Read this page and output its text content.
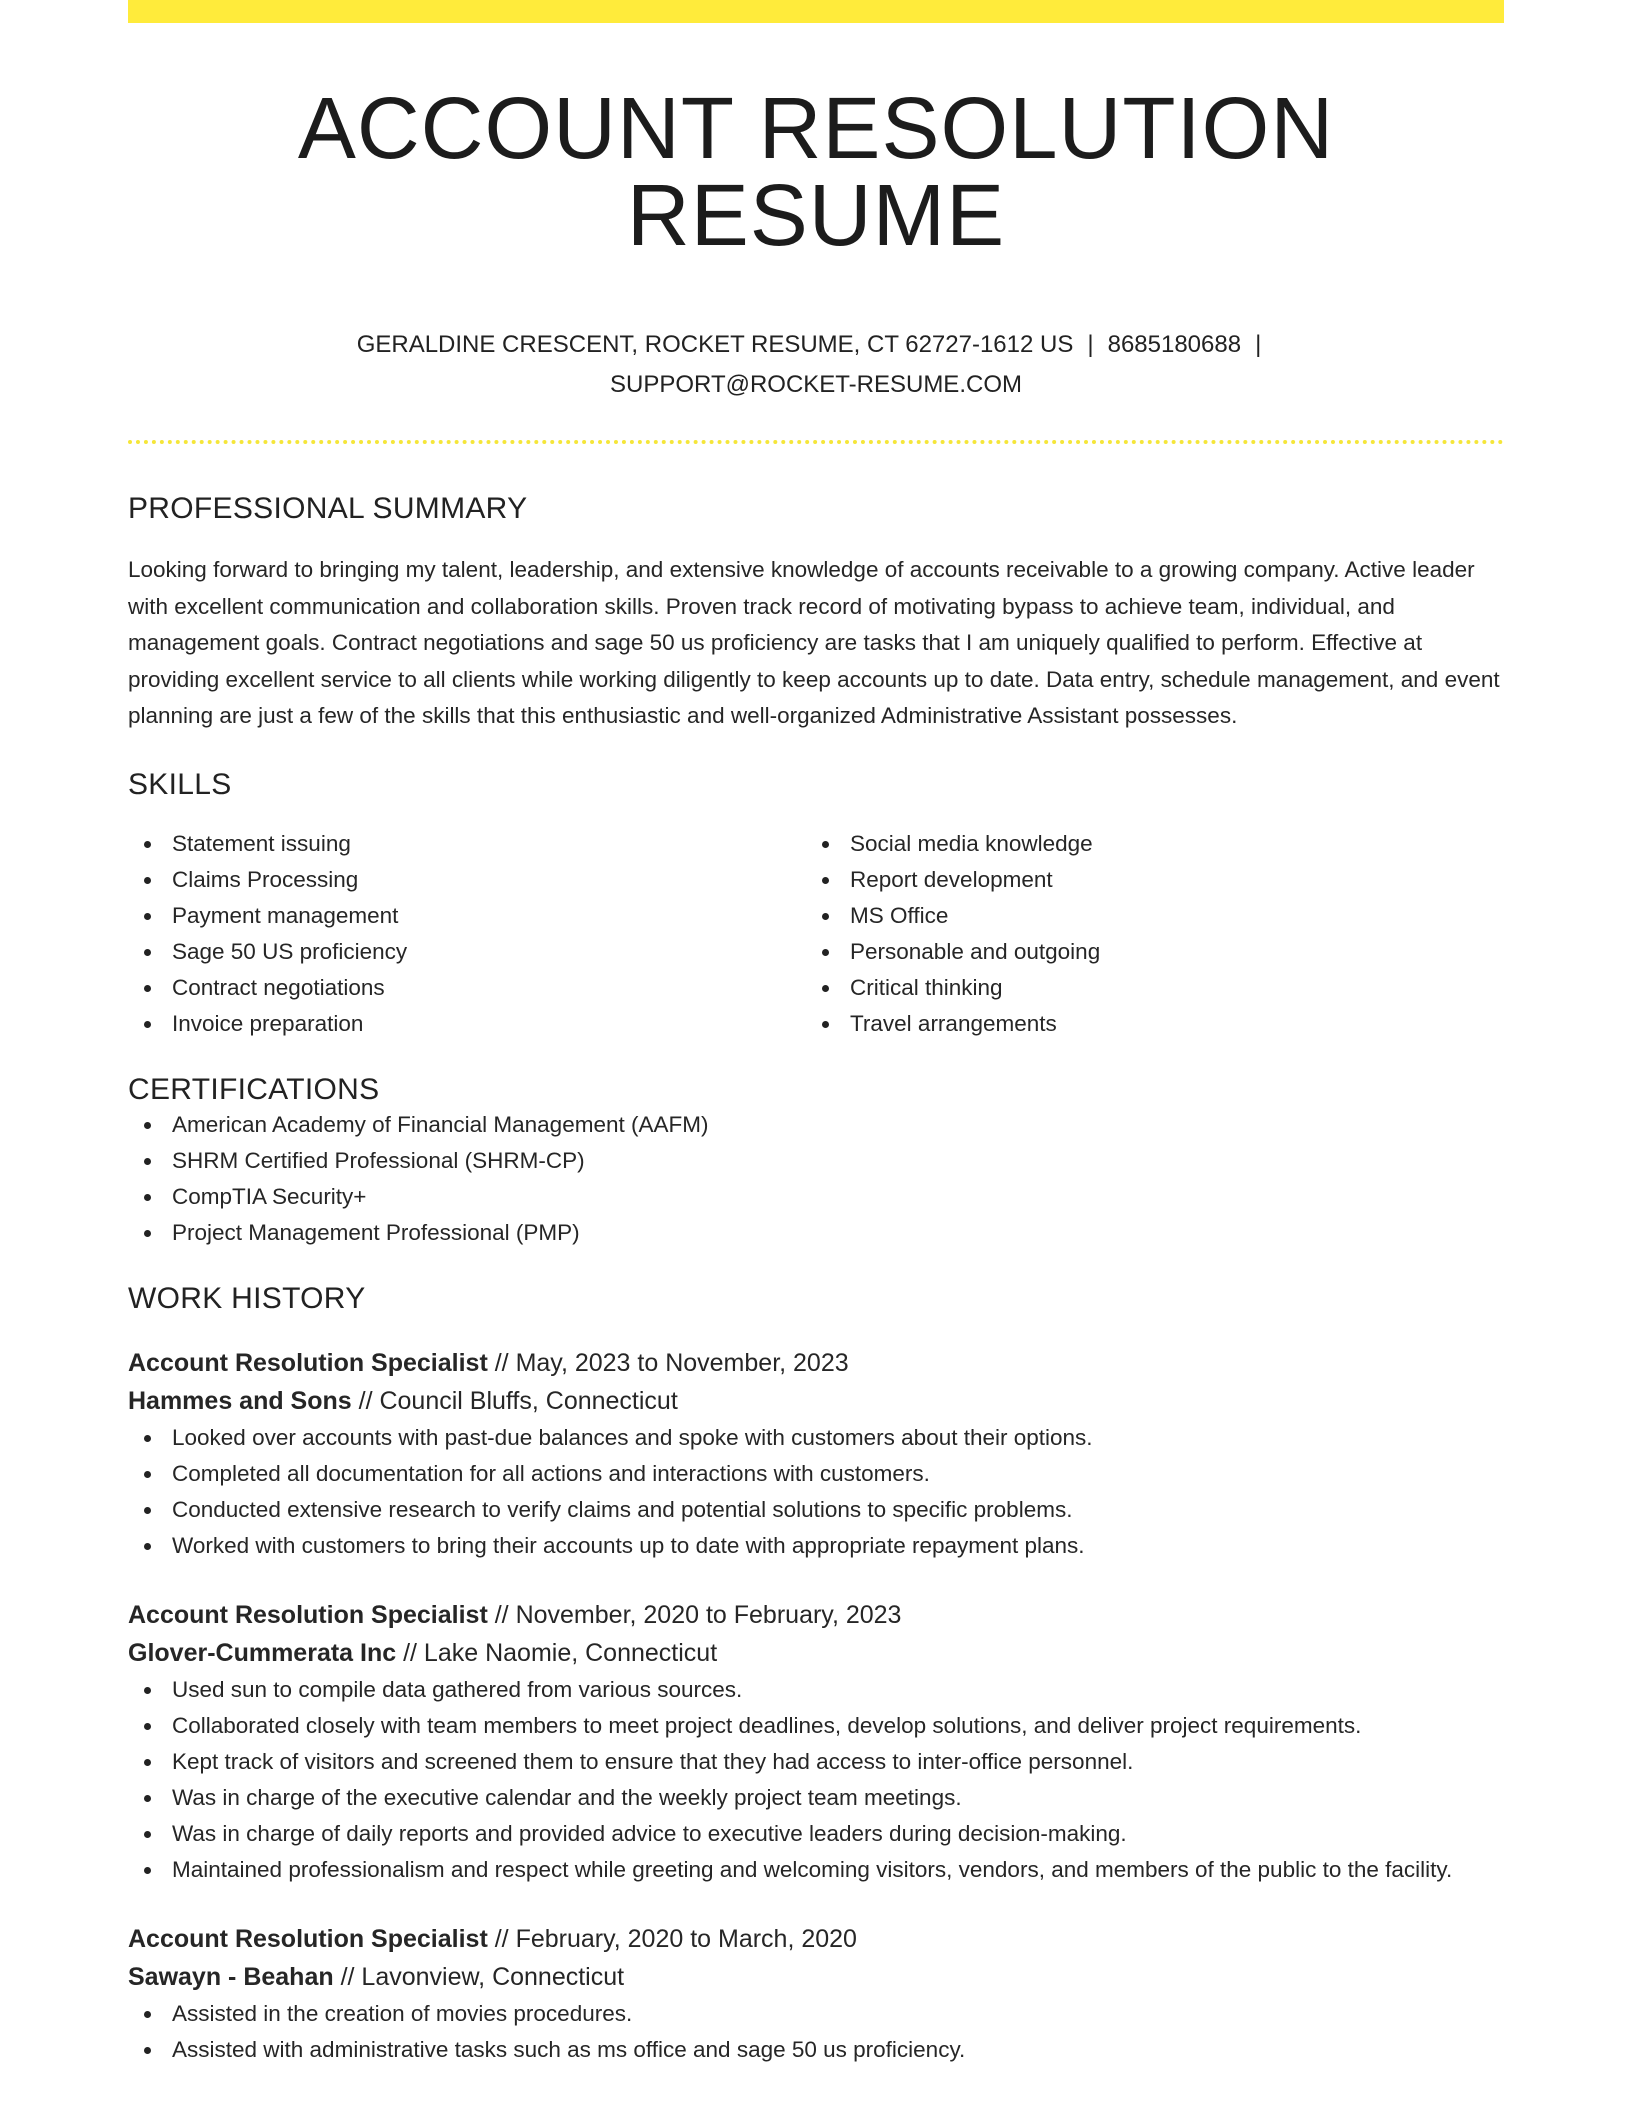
ACCOUNT RESOLUTION RESUME
GERALDINE CRESCENT, ROCKET RESUME, CT 62727-1612 US | 8685180688 |
SUPPORT@ROCKET-RESUME.COM
PROFESSIONAL SUMMARY

Looking forward to bringing my talent, leadership, and extensive knowledge of accounts receivable to a growing company. Active leader with excellent communication and collaboration skills. Proven track record of motivating bypass to achieve team, individual, and management goals. Contract negotiations and sage 50 us proficiency are tasks that I am uniquely qualified to perform. Effective at providing excellent service to all clients while working diligently to keep accounts up to date. Data entry, schedule management, and event planning are just a few of the skills that this enthusiastic and well-organized Administrative Assistant possesses.

SKILLS
Statement issuing
Claims Processing
Payment management
Sage 50 US proficiency
Contract negotiations
Invoice preparation
Social media knowledge
Report development
MS Office
Personable and outgoing
Critical thinking
Travel arrangements
CERTIFICATIONS
American Academy of Financial Management (AAFM)
SHRM Certified Professional (SHRM-CP)
CompTIA Security+
Project Management Professional (PMP)
WORK HISTORY
Account Resolution Specialist // May, 2023 to November, 2023
Hammes and Sons // Council Bluffs, Connecticut
Looked over accounts with past-due balances and spoke with customers about their options.
Completed all documentation for all actions and interactions with customers.
Conducted extensive research to verify claims and potential solutions to specific problems.
Worked with customers to bring their accounts up to date with appropriate repayment plans.
Account Resolution Specialist // November, 2020 to February, 2023
Glover-Cummerata Inc // Lake Naomie, Connecticut
Used sun to compile data gathered from various sources.
Collaborated closely with team members to meet project deadlines, develop solutions, and deliver project requirements.
Kept track of visitors and screened them to ensure that they had access to inter-office personnel.
Was in charge of the executive calendar and the weekly project team meetings.
Was in charge of daily reports and provided advice to executive leaders during decision-making.
Maintained professionalism and respect while greeting and welcoming visitors, vendors, and members of the public to the facility.
Account Resolution Specialist // February, 2020 to March, 2020
Sawayn - Beahan // Lavonview, Connecticut
Assisted in the creation of movies procedures.
Assisted with administrative tasks such as ms office and sage 50 us proficiency.
